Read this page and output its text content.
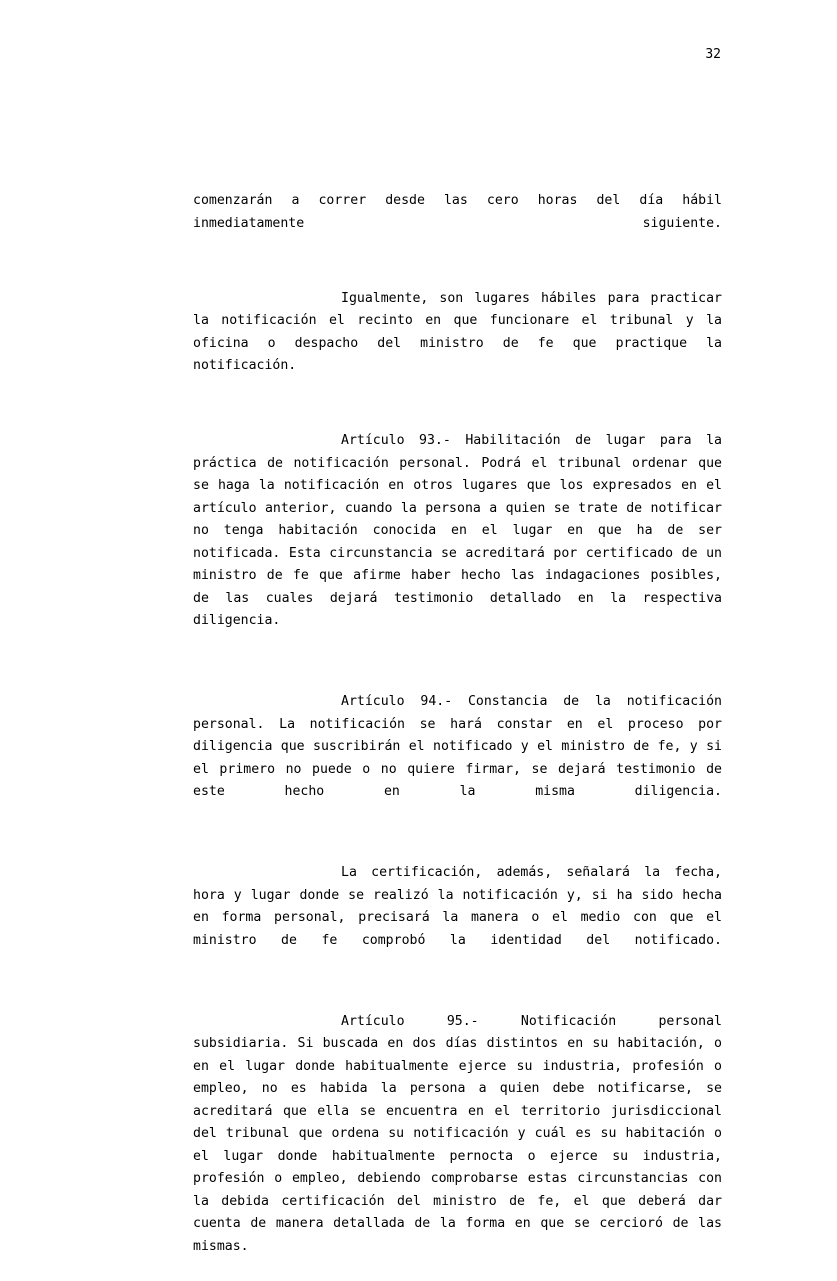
32

comenzarán a correr desde las cero horas del día hábil inmediatamente siguiente.

Igualmente, son lugares hábiles para practicar la notificación el recinto en que funcionare el tribunal y la oficina o despacho del ministro de fe que practique la notificación.

Artículo 93.- Habilitación de lugar para la práctica de notificación personal. Podrá el tribunal ordenar que se haga la notificación en otros lugares que los expresados en el artículo anterior, cuando la persona a quien se trate de notificar no tenga habitación conocida en el lugar en que ha de ser notificada. Esta circunstancia se acreditará por certificado de un ministro de fe que afirme haber hecho las indagaciones posibles, de las cuales dejará testimonio detallado en la respectiva diligencia.

Artículo 94.- Constancia de la notificación personal. La notificación se hará constar en el proceso por diligencia que suscribirán el notificado y el ministro de fe, y si el primero no puede o no quiere firmar, se dejará testimonio de este hecho en la misma diligencia.

La certificación, además, señalará la fecha, hora y lugar donde se realizó la notificación y, si ha sido hecha en forma personal, precisará la manera o el medio con que el ministro de fe comprobó la identidad del notificado.

Artículo 95.- Notificación personal subsidiaria. Si buscada en dos días distintos en su habitación, o en el lugar donde habitualmente ejerce su industria, profesión o empleo, no es habida la persona a quien debe notificarse, se acreditará que ella se encuentra en el territorio jurisdiccional del tribunal que ordena su notificación y cuál es su habitación o el lugar donde habitualmente pernocta o ejerce su industria, profesión o empleo, debiendo comprobarse estas circunstancias con la debida certificación del ministro de fe, el que deberá dar cuenta de manera detallada de la forma en que se cercioró de las mismas.
